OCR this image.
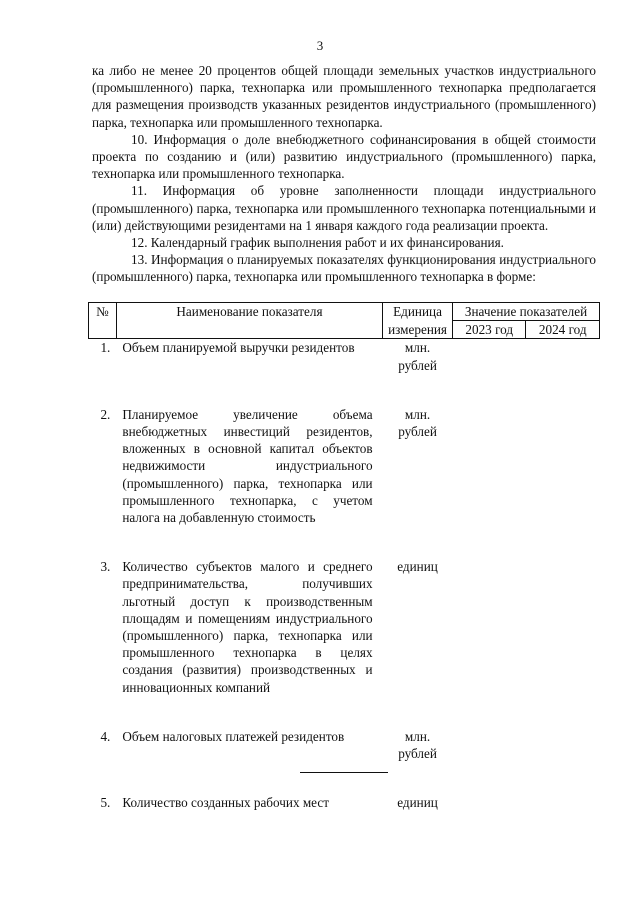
3

ка либо не менее 20 процентов общей площади земельных участков индустриального (промышленного) парка, технопарка или промышленного технопарка предполагается для размещения производств указанных резидентов индустриального (промышленного) парка, технопарка или промышленного технопарка.

10. Информация о доле внебюджетного софинансирования в общей стоимости проекта по созданию и (или) развитию индустриального (промышленного) парка, технопарка или промышленного технопарка.

11. Информация об уровне заполненности площади индустриального (промышленного) парка, технопарка или промышленного технопарка потенциальными и (или) действующими резидентами на 1 января каждого года реализации проекта.

12. Календарный график выполнения работ и их финансирования.

13. Информация о планируемых показателях функционирования индустриального (промышленного) парка, технопарка или промышленного технопарка в форме:

№	Наименование показателя	Единица	Значение показателей	
		измерения	2023 год	2024 год
1.	Объем планируемой выручки резидентов	млн.
рублей		

2.	Планируемое увеличение объема внебюджетных инвестиций резидентов, вложенных в основной капитал объектов недвижимости индустриального (промышленного) парка, технопарка или промышленного технопарка, с учетом налога на добавленную стоимость	млн.
рублей		

3.	Количество субъектов малого и среднего предпринимательства, получивших льготный доступ к производственным площадям и помещениям индустриального (промышленного) парка, технопарка или промышленного технопарка в целях создания (развития) производственных и инновационных компаний	единиц		

4.	Объем налоговых платежей резидентов	млн.
рублей		

5.	Количество созданных рабочих мест	единиц		
